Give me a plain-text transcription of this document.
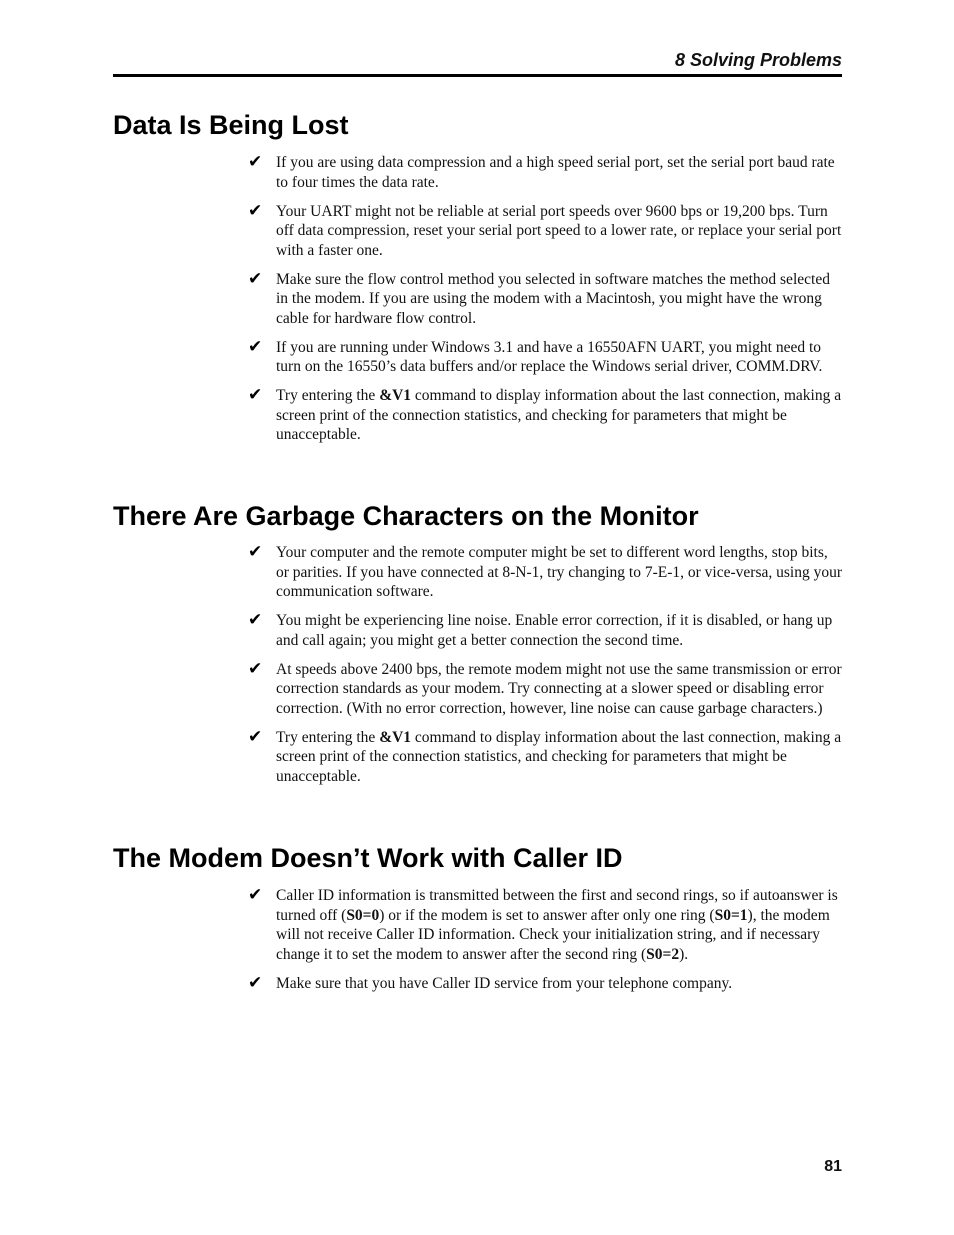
8 Solving Problems
Data Is Being Lost
✔ If you are using data compression and a high speed serial port, set the serial port baud rate to four times the data rate.
✔ Your UART might not be reliable at serial port speeds over 9600 bps or 19,200 bps. Turn off data compression, reset your serial port speed to a lower rate, or replace your serial port with a faster one.
✔ Make sure the flow control method you selected in software matches the method selected in the modem. If you are using the modem with a Macintosh, you might have the wrong cable for hardware flow control.
✔ If you are running under Windows 3.1 and have a 16550AFN UART, you might need to turn on the 16550’s data buffers and/or replace the Windows serial driver, COMM.DRV.
✔ Try entering the &V1 command to display information about the last connection, making a screen print of the connection statistics, and checking for parameters that might be unacceptable.
There Are Garbage Characters on the Monitor
✔ Your computer and the remote computer might be set to different word lengths, stop bits, or parities. If you have connected at 8-N-1, try changing to 7-E-1, or vice-versa, using your communication software.
✔ You might be experiencing line noise. Enable error correction, if it is disabled, or hang up and call again; you might get a better connection the second time.
✔ At speeds above 2400 bps, the remote modem might not use the same transmission or error correction standards as your modem. Try connecting at a slower speed or disabling error correction. (With no error correction, however, line noise can cause garbage characters.)
✔ Try entering the &V1 command to display information about the last connection, making a screen print of the connection statistics, and checking for parameters that might be unacceptable.
The Modem Doesn’t Work with Caller ID
✔ Caller ID information is transmitted between the first and second rings, so if autoanswer is turned off (S0=0) or if the modem is set to answer after only one ring (S0=1), the modem will not receive Caller ID information. Check your initialization string, and if necessary change it to set the modem to answer after the second ring (S0=2).
✔ Make sure that you have Caller ID service from your telephone company.
81
